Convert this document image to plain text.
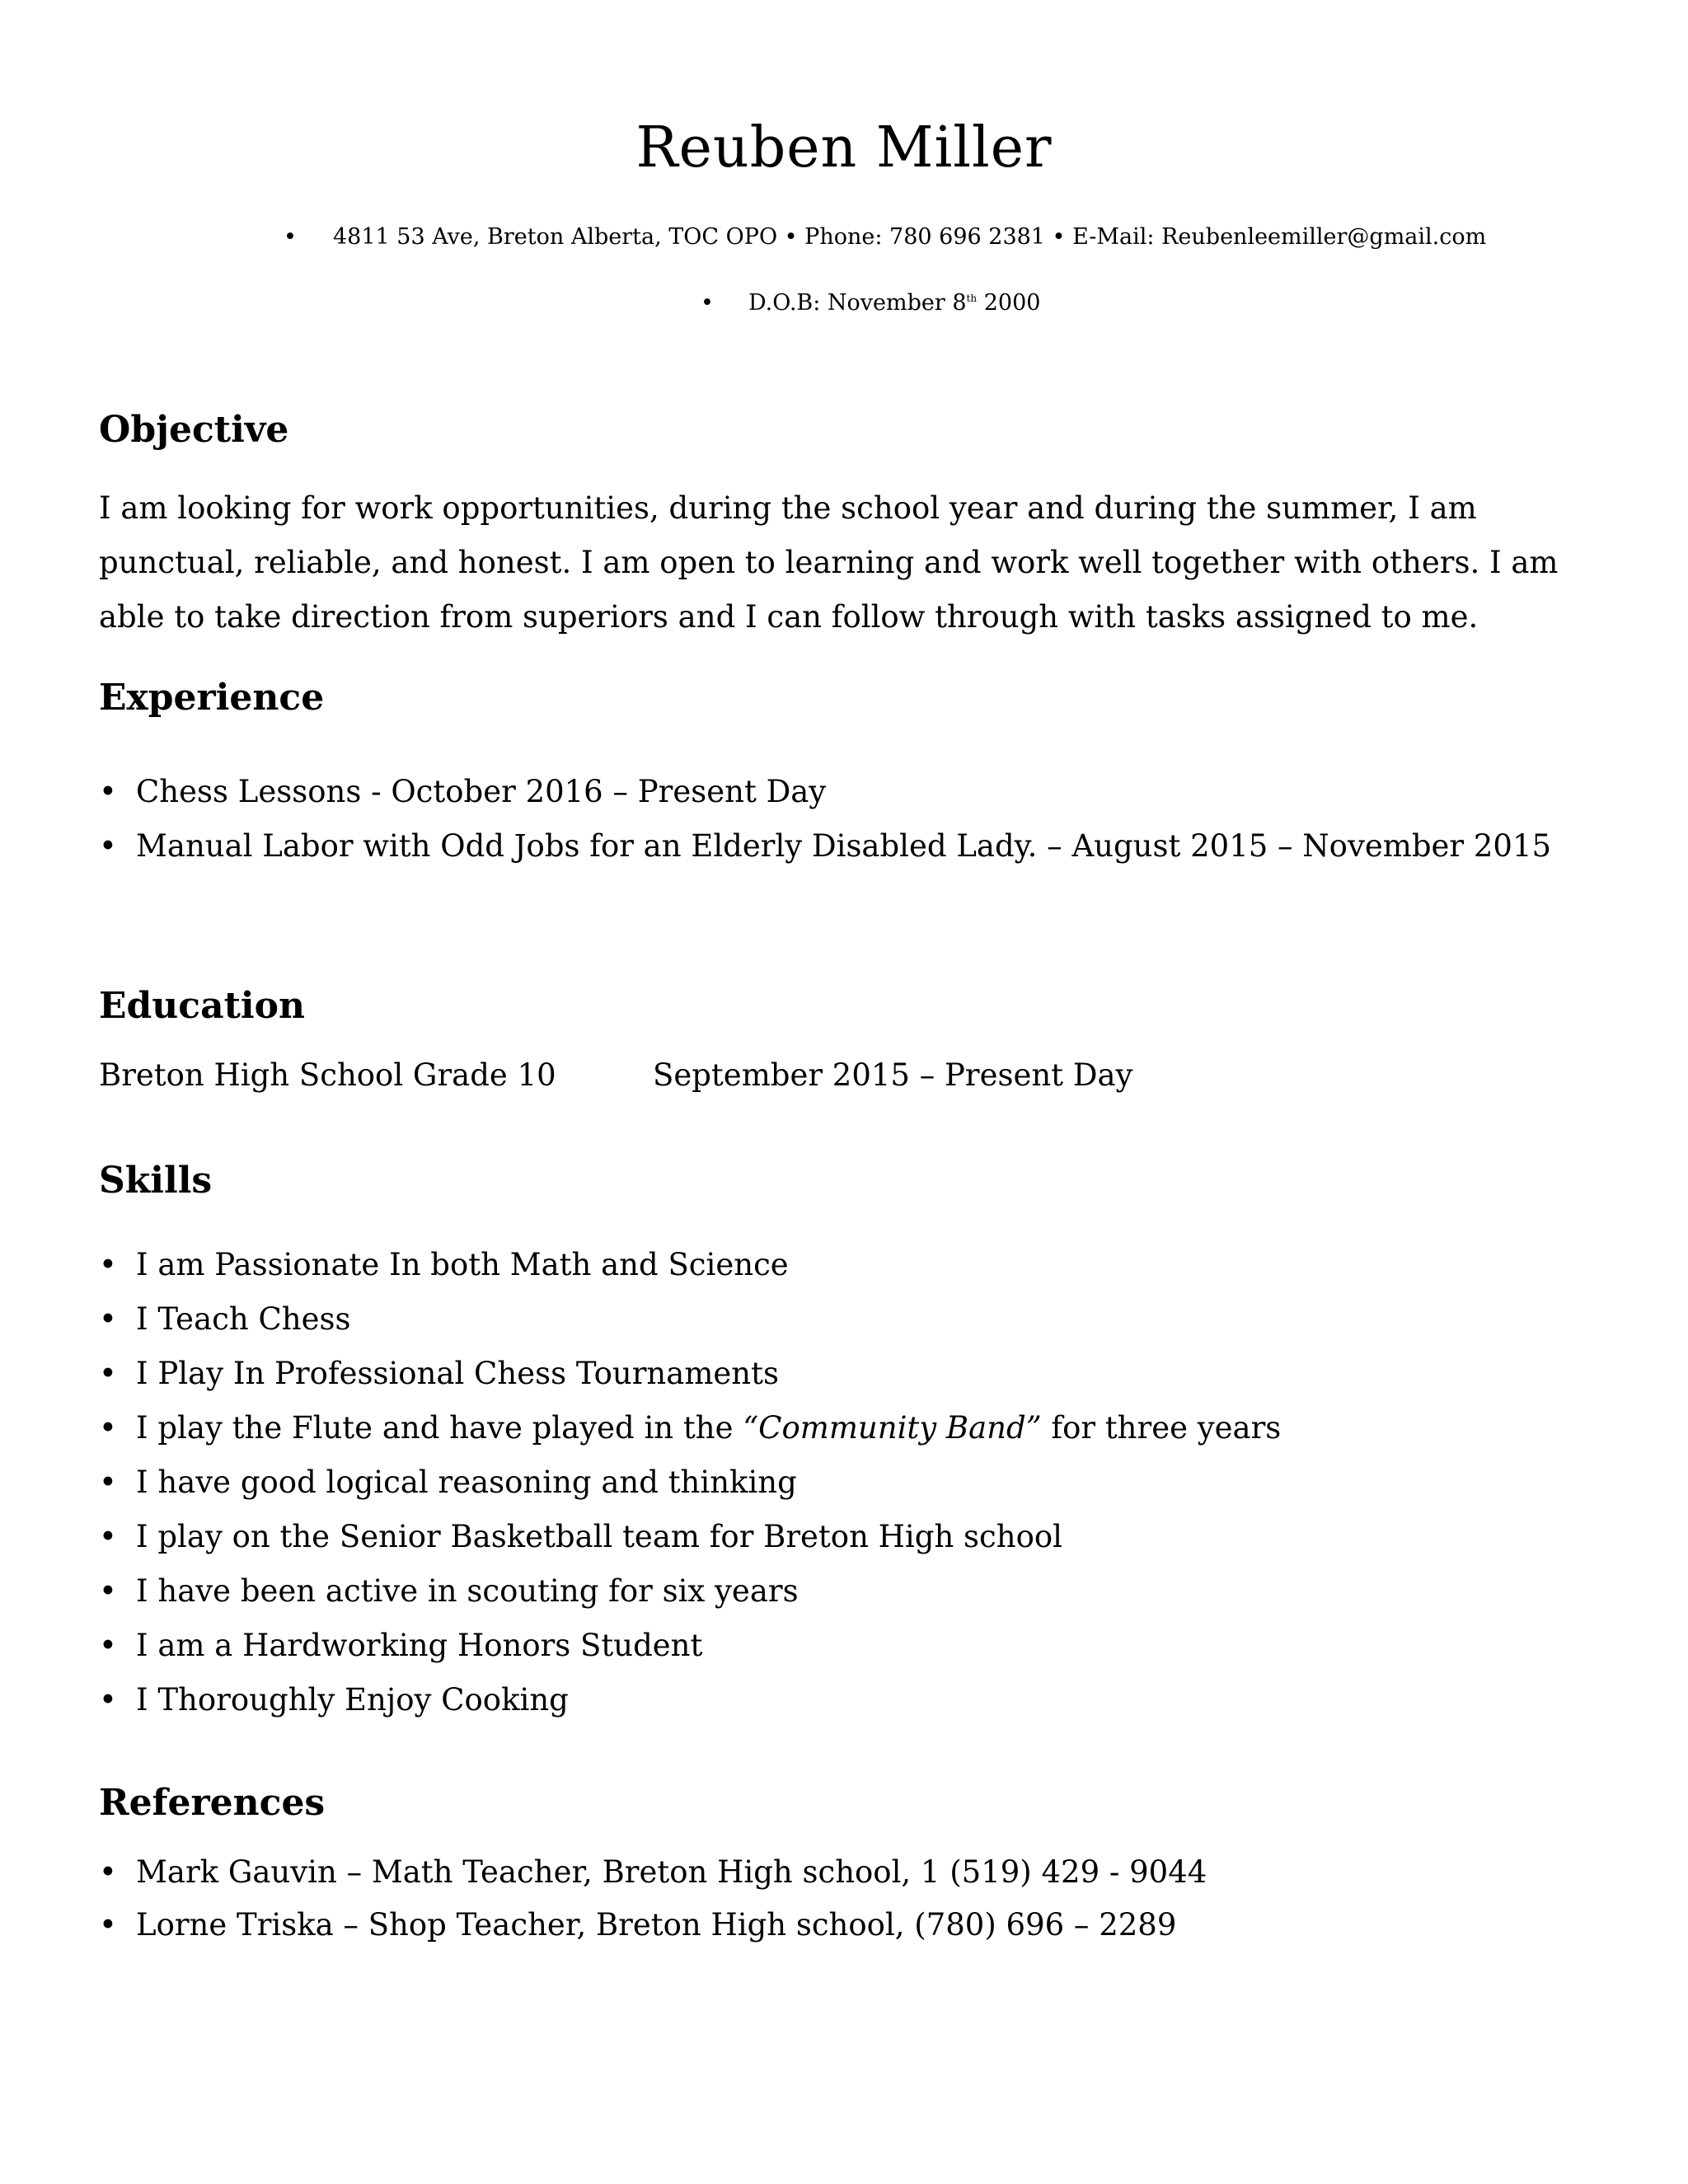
Reuben Miller
• 4811 53 Ave, Breton Alberta, TOC OPO • Phone: 780 696 2381 • E-Mail: Reubenleemiller@gmail.com
• D.O.B: November 8th 2000
Objective

I am looking for work opportunities, during the school year and during the summer, I am punctual, reliable, and honest. I am open to learning and work well together with others. I am able to take direction from superiors and I can follow through with tasks assigned to me.

Experience
• Chess Lessons - October 2016 – Present Day
• Manual Labor with Odd Jobs for an Elderly Disabled Lady. – August 2015 – November 2015
Education
Breton High School Grade 10	September 2015 – Present Day
Skills
• I am Passionate In both Math and Science
• I Teach Chess
• I Play In Professional Chess Tournaments
• I play the Flute and have played in the “Community Band” for three years
• I have good logical reasoning and thinking
• I play on the Senior Basketball team for Breton High school
• I have been active in scouting for six years
• I am a Hardworking Honors Student
• I Thoroughly Enjoy Cooking
References
• Mark Gauvin – Math Teacher, Breton High school, 1 (519) 429 - 9044
• Lorne Triska – Shop Teacher, Breton High school, (780) 696 – 2289
